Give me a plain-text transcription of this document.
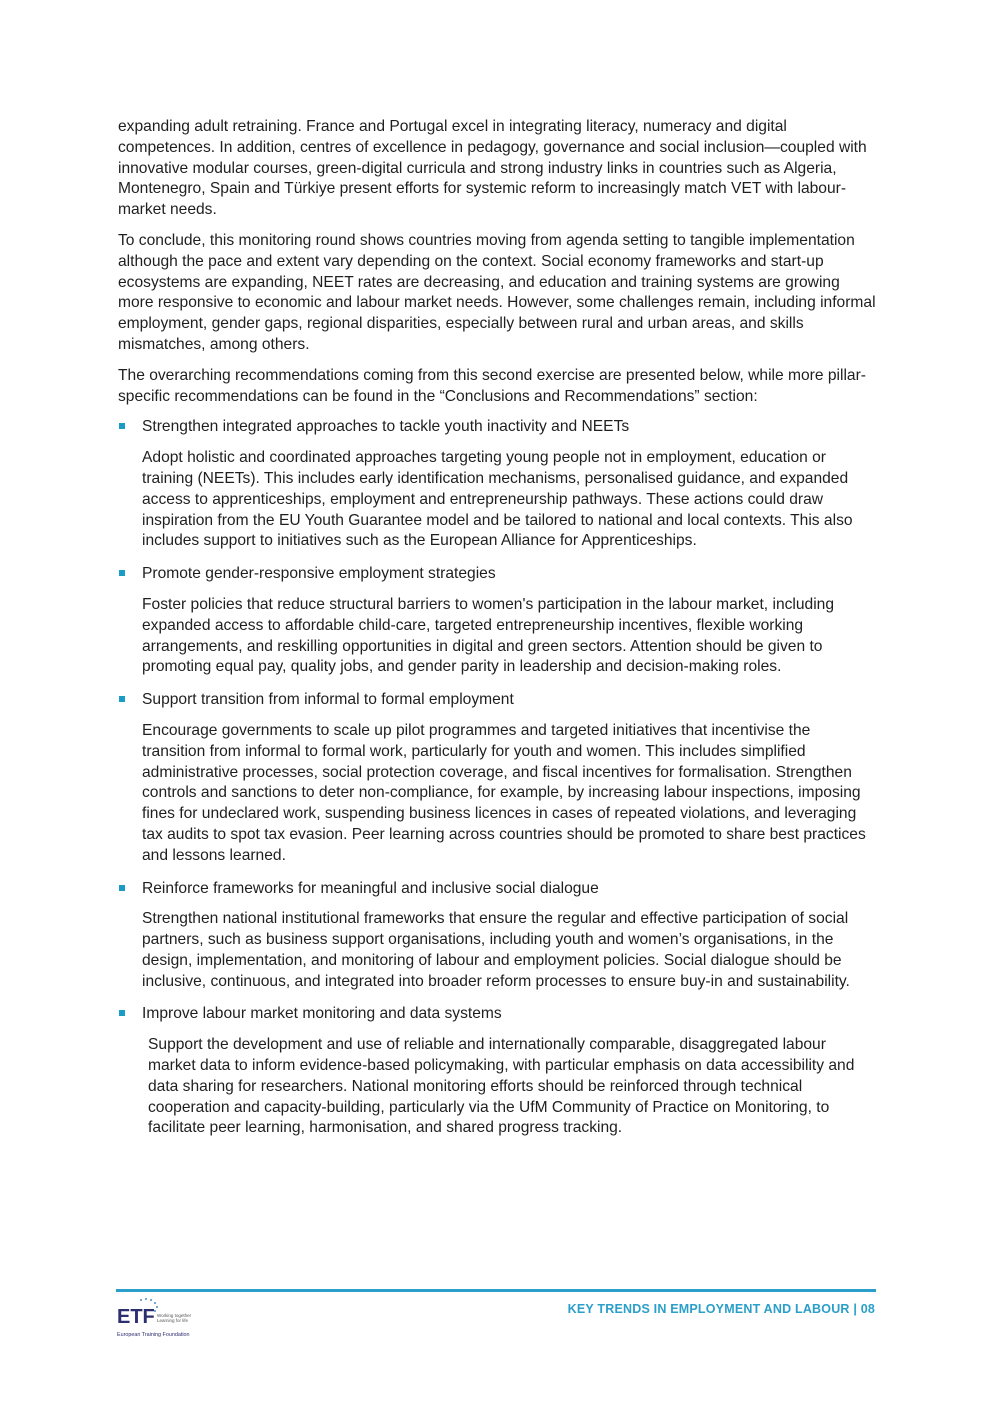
expanding adult retraining. France and Portugal excel in integrating literacy, numeracy and digital competences. In addition, centres of excellence in pedagogy, governance and social inclusion—coupled with innovative modular courses, green-digital curricula and strong industry links in countries such as Algeria, Montenegro, Spain and Türkiye present efforts for systemic reform to increasingly match VET with labour-market needs.

To conclude, this monitoring round shows countries moving from agenda setting to tangible implementation although the pace and extent vary depending on the context. Social economy frameworks and start-up ecosystems are expanding, NEET rates are decreasing, and education and training systems are growing more responsive to economic and labour market needs. However, some challenges remain, including informal employment, gender gaps, regional disparities, especially between rural and urban areas, and skills mismatches, among others.

The overarching recommendations coming from this second exercise are presented below, while more pillar-specific recommendations can be found in the “Conclusions and Recommendations” section:

Strengthen integrated approaches to tackle youth inactivity and NEETs

Adopt holistic and coordinated approaches targeting young people not in employment, education or training (NEETs). This includes early identification mechanisms, personalised guidance, and expanded access to apprenticeships, employment and entrepreneurship pathways. These actions could draw inspiration from the EU Youth Guarantee model and be tailored to national and local contexts. This also includes support to initiatives such as the European Alliance for Apprenticeships.

Promote gender-responsive employment strategies

Foster policies that reduce structural barriers to women's participation in the labour market, including expanded access to affordable child-care, targeted entrepreneurship incentives, flexible working arrangements, and reskilling opportunities in digital and green sectors. Attention should be given to promoting equal pay, quality jobs, and gender parity in leadership and decision-making roles.

Support transition from informal to formal employment

Encourage governments to scale up pilot programmes and targeted initiatives that incentivise the transition from informal to formal work, particularly for youth and women. This includes simplified administrative processes, social protection coverage, and fiscal incentives for formalisation. Strengthen controls and sanctions to deter non-compliance, for example, by increasing labour inspections, imposing fines for undeclared work, suspending business licences in cases of repeated violations, and leveraging tax audits to spot tax evasion. Peer learning across countries should be promoted to share best practices and lessons learned.

Reinforce frameworks for meaningful and inclusive social dialogue

Strengthen national institutional frameworks that ensure the regular and effective participation of social partners, such as business support organisations, including youth and women’s organisations, in the design, implementation, and monitoring of labour and employment policies. Social dialogue should be inclusive, continuous, and integrated into broader reform processes to ensure buy-in and sustainability.

Improve labour market monitoring and data systems

Support the development and use of reliable and internationally comparable, disaggregated labour market data to inform evidence-based policymaking, with particular emphasis on data accessibility and data sharing for researchers. National monitoring efforts should be reinforced through technical cooperation and capacity-building, particularly via the UfM Community of Practice on Monitoring, to facilitate peer learning, harmonisation, and shared progress tracking.

ETF Working together
Learning for life
European Training Foundation
KEY TRENDS IN EMPLOYMENT AND LABOUR | 08
